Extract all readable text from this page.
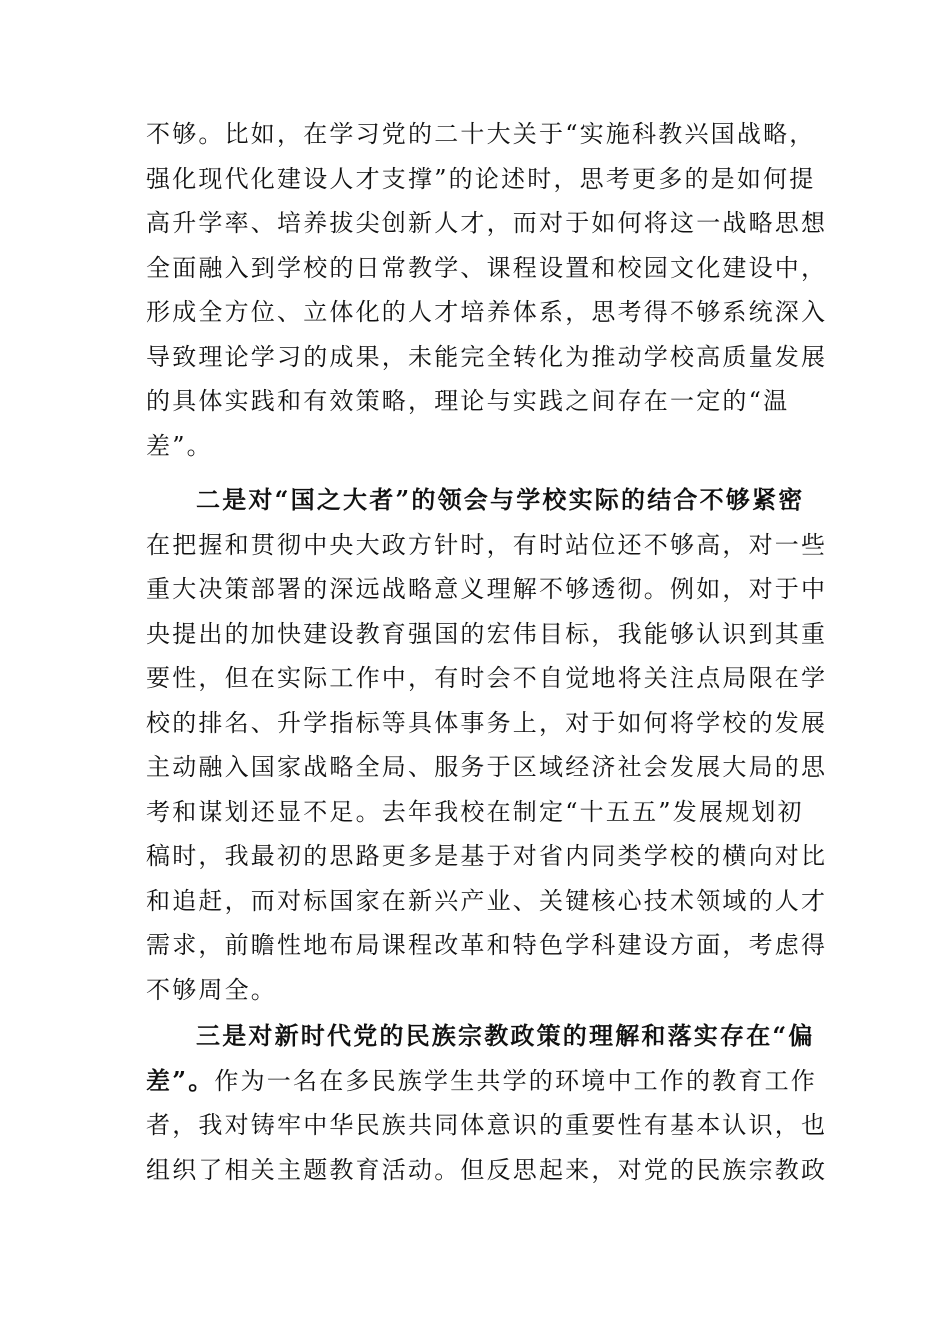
不够。比如，在学习党的二十大关于“实施科教兴国战略，
强化现代化建设人才支撑”的论述时，思考更多的是如何提
高升学率、培养拔尖创新人才，而对于如何将这一战略思想
全面融入到学校的日常教学、课程设置和校园文化建设中，
形成全方位、立体化的人才培养体系，思考得不够系统深入
导致理论学习的成果，未能完全转化为推动学校高质量发展
的具体实践和有效策略，理论与实践之间存在一定的“温
差”。
二是对“国之大者”的领会与学校实际的结合不够紧密
在把握和贯彻中央大政方针时，有时站位还不够高，对一些
重大决策部署的深远战略意义理解不够透彻。例如，对于中
央提出的加快建设教育强国的宏伟目标，我能够认识到其重
要性，但在实际工作中，有时会不自觉地将关注点局限在学
校的排名、升学指标等具体事务上，对于如何将学校的发展
主动融入国家战略全局、服务于区域经济社会发展大局的思
考和谋划还显不足。去年我校在制定“十五五”发展规划初
稿时，我最初的思路更多是基于对省内同类学校的横向对比
和追赶，而对标国家在新兴产业、关键核心技术领域的人才
需求，前瞻性地布局课程改革和特色学科建设方面，考虑得
不够周全。
三是对新时代党的民族宗教政策的理解和落实存在“偏
差”。作为一名在多民族学生共学的环境中工作的教育工作
者，我对铸牢中华民族共同体意识的重要性有基本认识，也
组织了相关主题教育活动。但反思起来，对党的民族宗教政
